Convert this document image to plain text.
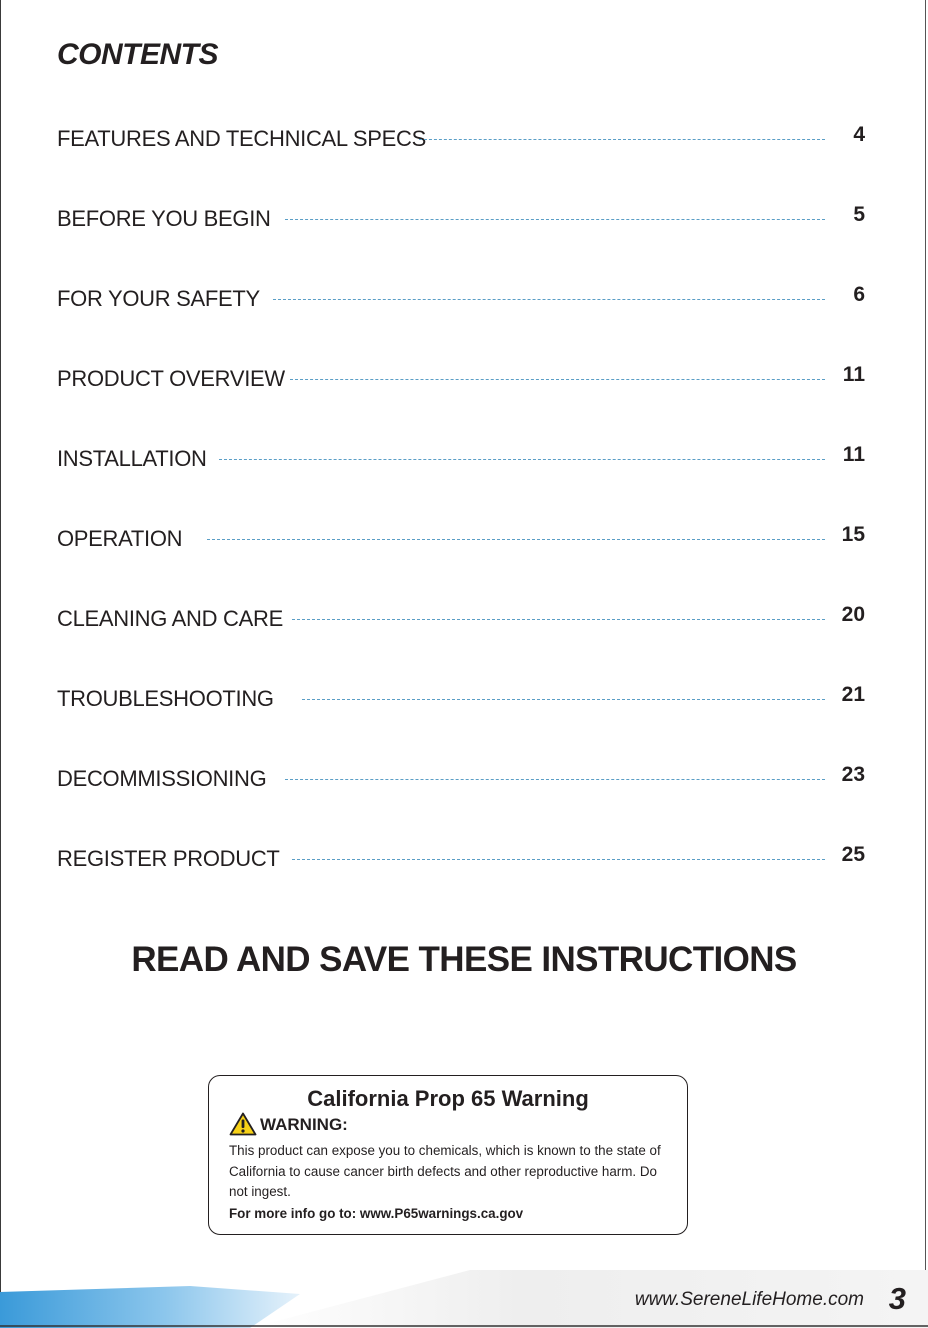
CONTENTS
FEATURES AND TECHNICAL SPECS	4
BEFORE YOU BEGIN	5
FOR YOUR SAFETY	6
PRODUCT OVERVIEW	11
INSTALLATION	11
OPERATION	15
CLEANING AND CARE	20
TROUBLESHOOTING	21
DECOMMISSIONING	23
REGISTER PRODUCT	25
READ AND SAVE THESE INSTRUCTIONS
California Prop 65 Warning
WARNING:

This product can expose you to chemicals, which is known to the state of California to cause cancer birth defects and other reproductive harm. Do not ingest.

For more info go to: www.P65warnings.ca.gov
www.SereneLifeHome.com 3
